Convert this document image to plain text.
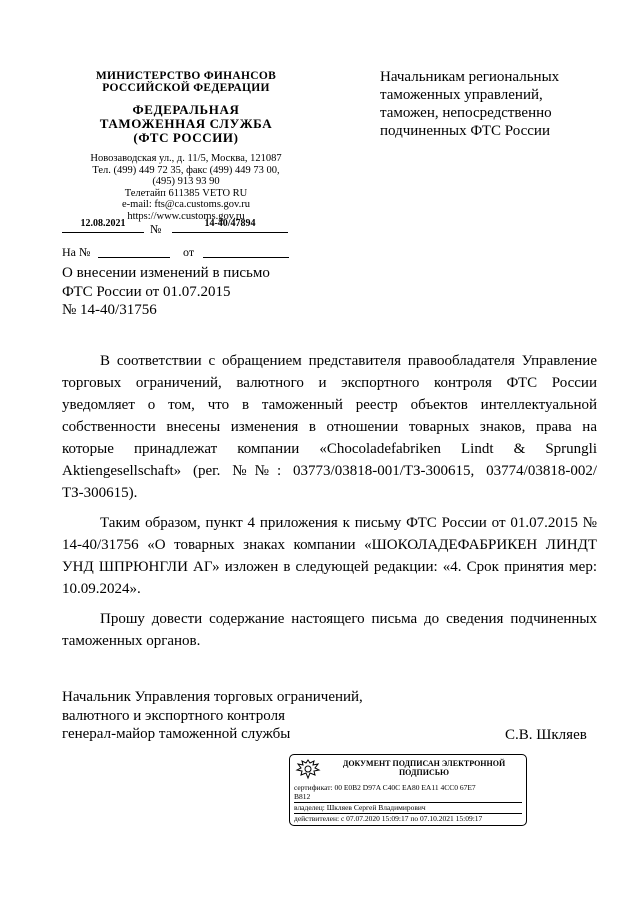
МИНИСТЕРСТВО ФИНАНСОВ
РОССИЙСКОЙ ФЕДЕРАЦИИ
ФЕДЕРАЛЬНАЯ
ТАМОЖЕННАЯ СЛУЖБА
(ФТС РОССИИ)
Новозаводская ул., д. 11/5, Москва, 121087
Тел. (499) 449 72 35, факс (499) 449 73 00,
(495) 913 93 90
Телетайп 611385 VETO RU
e-mail: fts@ca.customs.gov.ru
https://www.customs.gov.ru
12.08.2021	№	14-40/47894
На №	от
Начальникам региональных
таможенных управлений,
таможен, непосредственно
подчиненных ФТС России
О внесении изменений в письмо
ФТС России от 01.07.2015
№ 14-40/31756

В соответствии с обращением представителя правообладателя Управление торговых ограничений, валютного и экспортного контроля ФТС России уведомляет о том, что в таможенный реестр объектов интеллектуальной собственности внесены изменения в отношении товарных знаков, права на которые принадлежат компании «Chocoladefabriken Lindt & Sprungli Aktiengesellschaft» (рег. №№: 03773/03818-001/ТЗ-300615, 03774/03818-002/ТЗ-300615).

Таким образом, пункт 4 приложения к письму ФТС России от 01.07.2015 № 14-40/31756 «О товарных знаках компании «ШОКОЛАДЕФАБРИКЕН ЛИНДТ УНД ШПРЮНГЛИ АГ» изложен в следующей редакции: «4. Срок принятия мер: 10.09.2024».

Прошу довести содержание настоящего письма до сведения подчиненных таможенных органов.

Начальник Управления торговых ограничений,
валютного и экспортного контроля
генерал-майор таможенной службы	С.В. Шкляев
ДОКУМЕНТ ПОДПИСАН ЭЛЕКТРОННОЙ
ПОДПИСЬЮ
сертификат: 00 E0B2 D97A C40C EA80 EA11 4CC0 67E7
B812
владелец: Шкляев Сергей Владимирович
действителен: с 07.07.2020 15:09:17 по 07.10.2021 15:09:17
